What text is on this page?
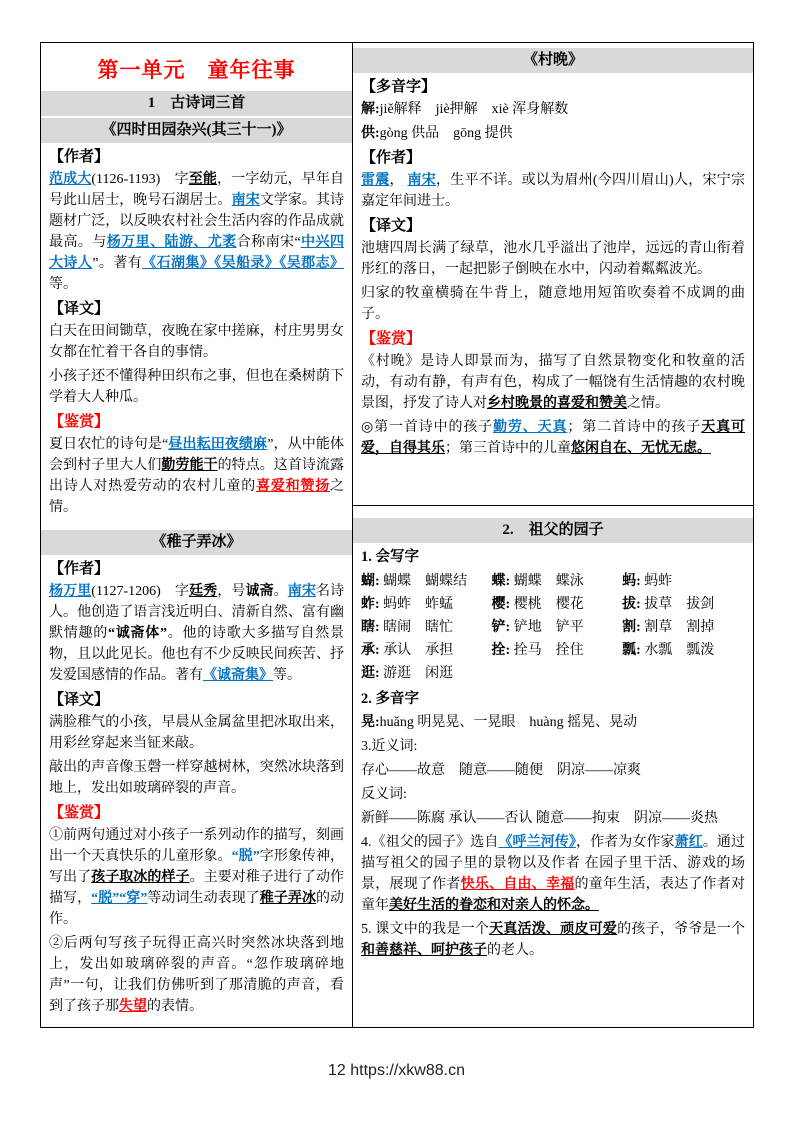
第一单元　童年往事
1　古诗词三首
《四时田园杂兴(其三十一)》
【作者】

范成大(1126-1193)　字至能，一字幼元，早年自号此山居士，晚号石湖居士。南宋文学家。其诗题材广泛，以反映农村社会生活内容的作品成就最高。与杨万里、陆游、尤袤合称南宋“中兴四大诗人”。著有《石湖集》《吴船录》《吴郡志》等。

【译文】

白天在田间锄草，夜晚在家中搓麻，村庄男男女女都在忙着干各自的事情。

小孩子还不懂得种田织布之事，但也在桑树荫下学着大人种瓜。

【鉴赏】

夏日农忙的诗句是“昼出耘田夜绩麻”，从中能体会到村子里大人们勤劳能干的特点。这首诗流露出诗人对热爱劳动的农村儿童的喜爱和赞扬之情。

《稚子弄冰》
【作者】

杨万里(1127-1206)　字廷秀，号诚斋。南宋名诗人。他创造了语言浅近明白、清新自然、富有幽默情趣的“诚斋体”。他的诗歌大多描写自然景物，且以此见长。他也有不少反映民间疾苦、抒发爱国感情的作品。著有《诚斋集》等。

【译文】

满脸稚气的小孩，早晨从金属盆里把冰取出来，用彩丝穿起来当钲来敲。

敲出的声音像玉磬一样穿越树林，突然冰块落到地上，发出如玻璃碎裂的声音。

【鉴赏】

①前两句通过对小孩子一系列动作的描写，刻画出一个天真快乐的儿童形象。“脱”字形象传神，写出了孩子取冰的样子。主要对稚子进行了动作描写，“脱”“穿”等动词生动表现了稚子弄冰的动作。

②后两句写孩子玩得正高兴时突然冰块落到地上，发出如玻璃碎裂的声音。“忽作玻璃碎地声”一句，让我们仿佛听到了那清脆的声音，看到了孩子那失望的表情。

《村晚》
【多音字】

解:jiě解释　jiè押解　xiè 浑身解数

供:gòng 供品　gōng 提供

【作者】

雷震， 南宋，生平不详。或以为眉州(今四川眉山)人，宋宁宗嘉定年间进士。

【译文】

池塘四周长满了绿草，池水几乎溢出了池岸，远远的青山衔着彤红的落日，一起把影子倒映在水中，闪动着粼粼波光。

归家的牧童横骑在牛背上，随意地用短笛吹奏着不成调的曲子。

【鉴赏】

《村晚》是诗人即景而为，描写了自然景物变化和牧童的活动，有动有静，有声有色，构成了一幅饶有生活情趣的农村晚景图，抒发了诗人对乡村晚景的喜爱和赞美之情。

◎第一首诗中的孩子勤劳、天真；第二首诗中的孩子天真可爱，自得其乐；第三首诗中的儿童悠闲自在、无忧无虑。

2.　祖父的园子
1. 会写字
蝴: 蝴蝶　蝴蝶结	蝶: 蝴蝶　蝶泳	蚂: 蚂蚱
蚱: 蚂蚱　蚱蜢	樱: 樱桃　樱花	拔: 拔草　拔剑
瞎: 瞎闹　瞎忙	铲: 铲地　铲平	割: 割草　割掉
承: 承认　承担	拴: 拴马　拴住	瓢: 水瓢　瓢泼
逛: 游逛　闲逛
2. 多音字

晃:huǎng 明晃晃、一晃眼　huàng 摇晃、晃动

3.近义词:

存心——故意　随意——随便　阴凉——凉爽

反义词:

新鲜——陈腐 承认——否认 随意——拘束　阴凉——炎热

4.《祖父的园子》选自《呼兰河传》，作者为女作家萧红。通过描写祖父的园子里的景物以及作者 在园子里干活、游戏的场景，展现了作者快乐、自由、幸福的童年生活，表达了作者对童年美好生活的眷恋和对亲人的怀念。

5. 课文中的我是一个天真活泼、顽皮可爱的孩子，爷爷是一个和善慈祥、呵护孩子的老人。

12 https://xkw88.cn
